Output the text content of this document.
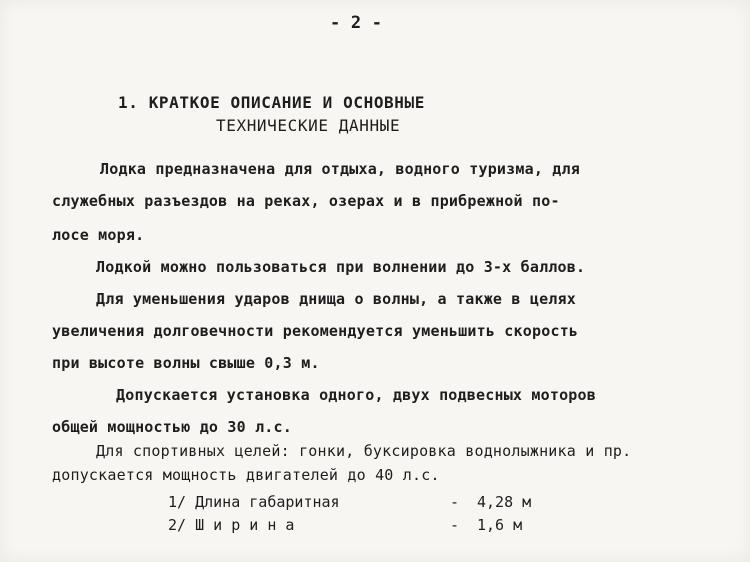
- 2 -
1. КРАТКОЕ ОПИСАНИЕ И ОСНОВНЫЕ
ТЕХНИЧЕСКИЕ ДАННЫЕ
Лодка предназначена для отдыха, водного туризма, для
служебных разъездов на реках, озерах и в прибрежной по-
лосе моря.
Лодкой можно пользоваться при волнении до 3-х баллов.
Для уменьшения ударов днища о волны, а также в целях
увеличения долговечности рекомендуется уменьшить скорость
при высоте волны свыше 0,3 м.
Допускается установка одного, двух подвесных моторов
общей мощностью до 30 л.с.
Для спортивных целей: гонки, буксировка воднолыжника и пр.
допускается мощность двигателей до 40 л.с.
1/ Длина габаритная	- 4,28 м
2/ Ш и р и н а	- 1,6 м
